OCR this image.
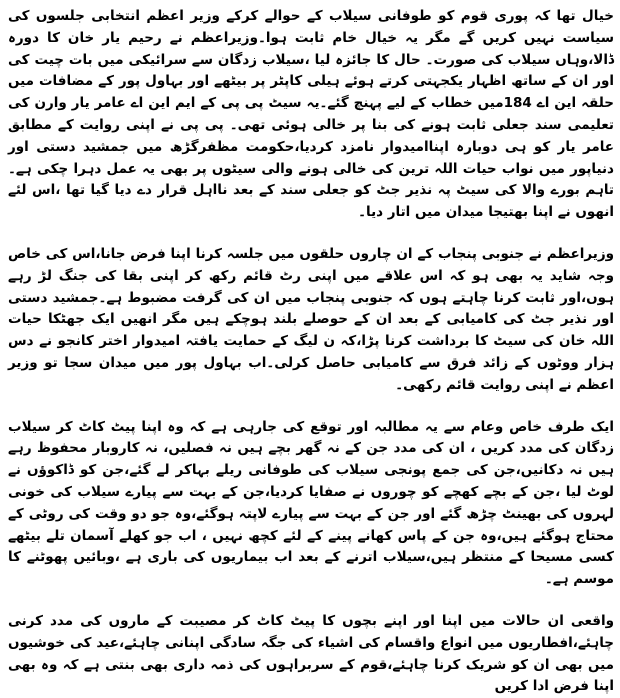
خیال تھا کہ پوری قوم کو طوفانی سیلاب کے حوالے کرکے وزیر اعظم انتخابی جلسوں کی سیاست نہیں کریں گے مگر یہ خیال خام ثابت ہوا۔وزیراعظم نے رحیم یار خان کا دورہ ڈالا،وہاں سیلاب کی صورت۔ حال کا جائزہ لیا ،سیلاب زدگان سے سرائیکی میں بات چیت کی اور ان کے ساتھ اظہار یکجہتی کرتے ہوئے ہیلی کاپٹر پر بیٹھے اور بہاول پور کے مضافات میں حلقہ این اے 184میں خطاب کے لیے پہنچ گئے۔یہ سیٹ پی پی کے ایم این اے عامر یار وارن کی تعلیمی سند جعلی ثابت ہونے کی بنا پر خالی ہوئی تھی۔ پی پی نے اپنی روایت کے مطابق عامر یار کو ہی دوبارہ اپناامیدوار نامزد کردیا،حکومت مظفرگڑھ میں جمشید دستی اور دنیاپور میں نواب حیات اللہ ترین کی خالی ہونے والی سیٹوں پر بھی یہ عمل دہرا چکی ہے۔تاہم بورے والا کی سیٹ پہ نذیر جٹ کو جعلی سند کے بعد نااہل قرار دے دیا گیا تھا ،اس لئے انھوں نے اپنا بھتیجا میدان میں اتار دیا۔

وزیراعظم نے جنوبی پنجاب کے ان چاروں حلقوں میں جلسہ کرنا اپنا فرض جانا،اس کی خاص وجہ شاید یہ بھی ہو کہ اس علاقے میں اپنی رٹ قائم رکھ کر اپنی بقا کی جنگ لڑ رہے ہوں،اور ثابت کرنا چاہتے ہوں کہ جنوبی پنجاب میں ان کی گرفت مضبوط ہے۔جمشید دستی اور نذیر جٹ کی کامیابی کے بعد ان کے حوصلے بلند ہوچکے ہیں مگر انھیں ایک جھٹکا حیات اللہ خان کی سیٹ کا برداشت کرنا پڑا،کہ ن لیگ کے حمایت یافتہ امیدوار اختر کانجو نے دس ہزار ووٹوں کے زائد فرق سے کامیابی حاصل کرلی۔اب بہاول پور میں میدان سجا تو وزیر اعظم نے اپنی روایت قائم رکھی۔

ایک طرف خاص وعام سے یہ مطالبہ اور توقع کی جارہی ہے کہ وہ اپنا پیٹ کاٹ کر سیلاب زدگان کی مدد کریں ، ان کی مدد جن کے نہ گھر بچے ہیں نہ فصلیں، نہ کاروبار محفوظ رہے ہیں نہ دکانیں،جن کی جمع پونجی سیلاب کی طوفانی ریلے بہاکر لے گئے،جن کو ڈاکوؤں نے لوٹ لیا ،جن کے بچے کھچے کو چوروں نے صفایا کردیا،جن کے بہت سے پیارے سیلاب کی خونی لہروں کی بھینٹ چڑھ گئے اور جن کے بہت سے پیارے لاپتہ ہوگئے،وہ جو دو وقت کی روٹی کے محتاج ہوگئے ہیں،وہ جن کے پاس کھانے پینے کے لئے کچھ نہیں ، اب جو کھلے آسمان تلے بیٹھے کسی مسیحا کے منتظر ہیں،سیلاب اترنے کے بعد اب بیماریوں کی باری ہے ،وبائیں پھوٹنے کا موسم ہے۔

واقعی ان حالات میں اپنا اور اپنے بچوں کا پیٹ کاٹ کر مصیبت کے ماروں کی مدد کرنی چاہئے،افطاریوں میں انواع واقسام کی اشیاء کی جگہ سادگی اپنانی چاہئے،عید کی خوشیوں میں بھی ان کو شریک کرنا چاہئے،قوم کے سربراہوں کی ذمہ داری بھی بنتی ہے کہ وہ بھی اپنا فرض ادا کریں
